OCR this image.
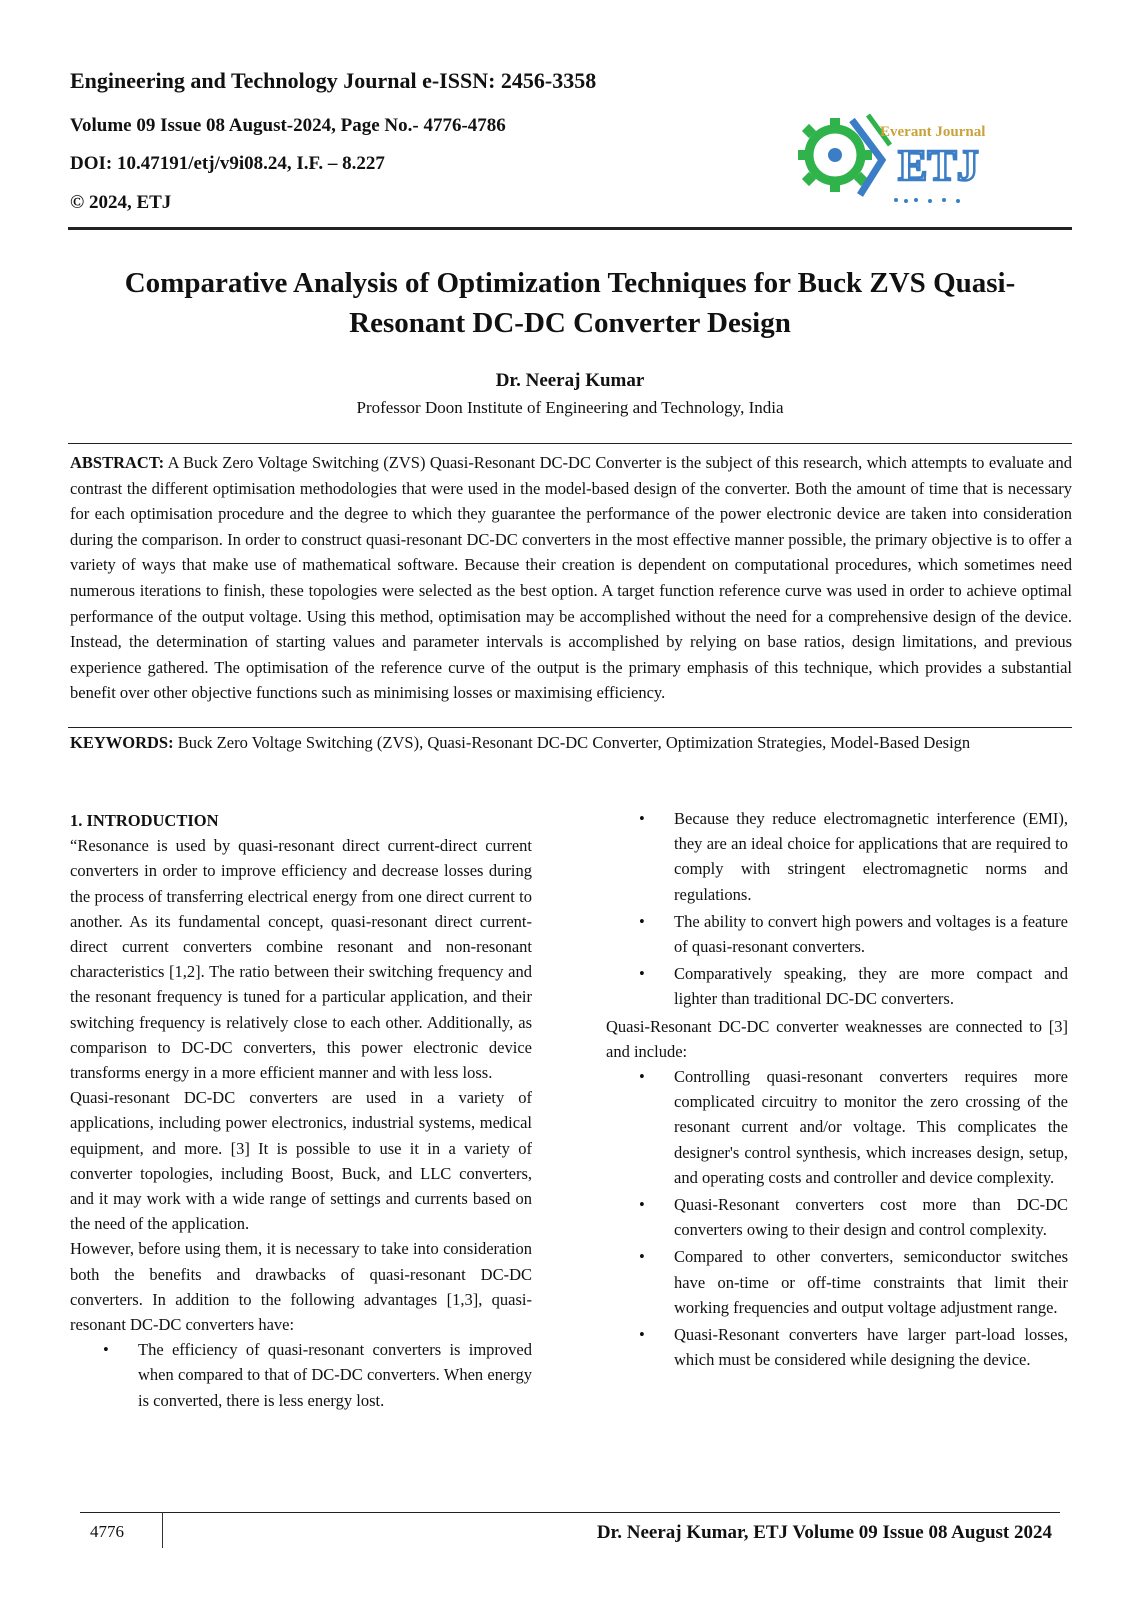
Engineering and Technology Journal e-ISSN: 2456-3358
Volume 09 Issue 08 August-2024, Page No.- 4776-4786
DOI: 10.47191/etj/v9i08.24, I.F. – 8.227
© 2024, ETJ
Everant Journal
ETJ
Comparative Analysis of Optimization Techniques for Buck ZVS Quasi-Resonant DC-DC Converter Design
Dr. Neeraj Kumar
Professor Doon Institute of Engineering and Technology, India

ABSTRACT: A Buck Zero Voltage Switching (ZVS) Quasi-Resonant DC-DC Converter is the subject of this research, which attempts to evaluate and contrast the different optimisation methodologies that were used in the model-based design of the converter. Both the amount of time that is necessary for each optimisation procedure and the degree to which they guarantee the performance of the power electronic device are taken into consideration during the comparison. In order to construct quasi-resonant DC-DC converters in the most effective manner possible, the primary objective is to offer a variety of ways that make use of mathematical software. Because their creation is dependent on computational procedures, which sometimes need numerous iterations to finish, these topologies were selected as the best option. A target function reference curve was used in order to achieve optimal performance of the output voltage. Using this method, optimisation may be accomplished without the need for a comprehensive design of the device. Instead, the determination of starting values and parameter intervals is accomplished by relying on base ratios, design limitations, and previous experience gathered. The optimisation of the reference curve of the output is the primary emphasis of this technique, which provides a substantial benefit over other objective functions such as minimising losses or maximising efficiency.

KEYWORDS: Buck Zero Voltage Switching (ZVS), Quasi-Resonant DC-DC Converter, Optimization Strategies, Model-Based Design

1. INTRODUCTION

“Resonance is used by quasi-resonant direct current-direct current converters in order to improve efficiency and decrease losses during the process of transferring electrical energy from one direct current to another. As its fundamental concept, quasi-resonant direct current-direct current converters combine resonant and non-resonant characteristics [1,2]. The ratio between their switching frequency and the resonant frequency is tuned for a particular application, and their switching frequency is relatively close to each other. Additionally, as comparison to DC-DC converters, this power electronic device transforms energy in a more efficient manner and with less loss.

Quasi-resonant DC-DC converters are used in a variety of applications, including power electronics, industrial systems, medical equipment, and more. [3] It is possible to use it in a variety of converter topologies, including Boost, Buck, and LLC converters, and it may work with a wide range of settings and currents based on the need of the application.

However, before using them, it is necessary to take into consideration both the benefits and drawbacks of quasi-resonant DC-DC converters. In addition to the following advantages [1,3], quasi-resonant DC-DC converters have:

• The efficiency of quasi-resonant converters is improved when compared to that of DC-DC converters. When energy is converted, there is less energy lost.
• Because they reduce electromagnetic interference (EMI), they are an ideal choice for applications that are required to comply with stringent electromagnetic norms and regulations.
• The ability to convert high powers and voltages is a feature of quasi-resonant converters.
• Comparatively speaking, they are more compact and lighter than traditional DC-DC converters.

Quasi-Resonant DC-DC converter weaknesses are connected to [3] and include:

• Controlling quasi-resonant converters requires more complicated circuitry to monitor the zero crossing of the resonant current and/or voltage. This complicates the designer's control synthesis, which increases design, setup, and operating costs and controller and device complexity.
• Quasi-Resonant converters cost more than DC-DC converters owing to their design and control complexity.
• Compared to other converters, semiconductor switches have on-time or off-time constraints that limit their working frequencies and output voltage adjustment range.
• Quasi-Resonant converters have larger part-load losses, which must be considered while designing the device.
4776	Dr. Neeraj Kumar, ETJ Volume 09 Issue 08 August 2024
